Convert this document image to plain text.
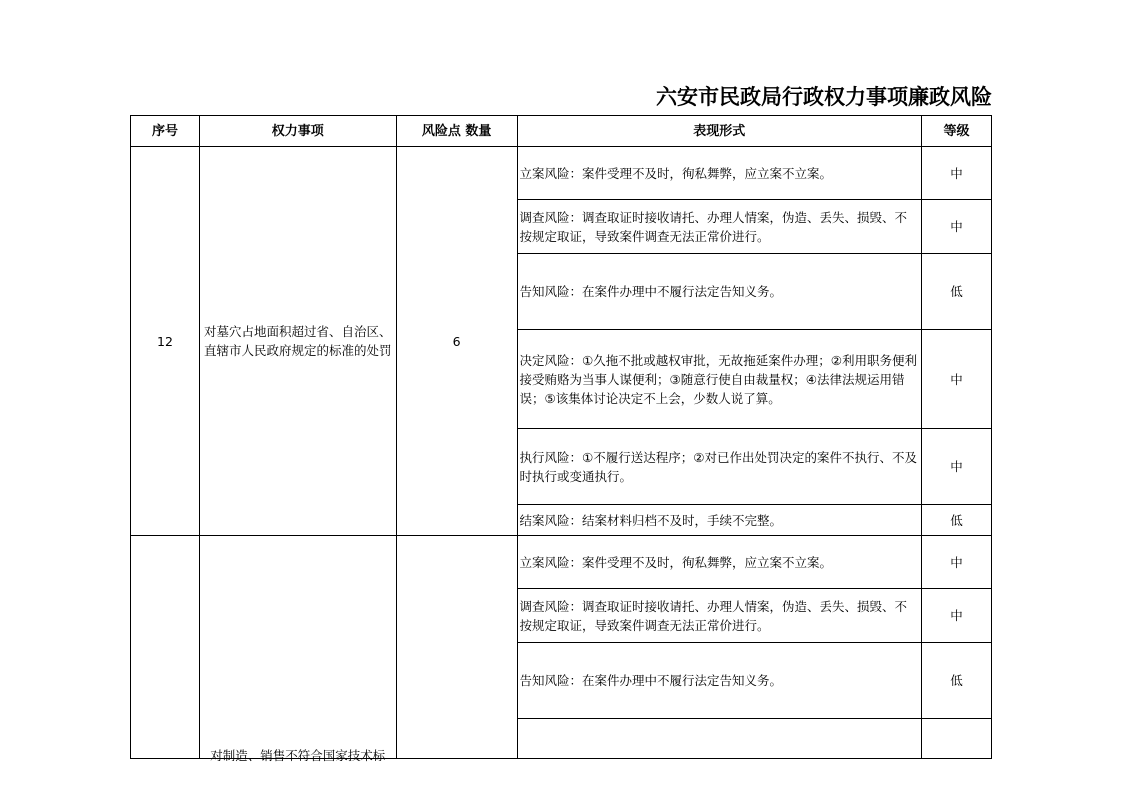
六安市民政局行政权力事项廉政风险
序号	权力事项	风险点 数量	表现形式	等级
12	对墓穴占地面积超过省、自治区、直辖市人民政府规定的标准的处罚	6	立案风险：案件受理不及时，徇私舞弊，应立案不立案。	中
			调查风险：调查取证时接收请托、办理人情案，伪造、丢失、损毁、不按规定取证，导致案件调查无法正常价进行。	中
			告知风险：在案件办理中不履行法定告知义务。	低
			决定风险：①久拖不批或越权审批，无故拖延案件办理；②利用职务便利接受贿赂为当事人谋便利；③随意行使自由裁量权；④法律法规运用错误；⑤该集体讨论决定不上会，少数人说了算。	中
			执行风险：①不履行送达程序；②对已作出处罚决定的案件不执行、不及时执行或变通执行。	中
			结案风险：结案材料归档不及时，手续不完整。	低

	对制造、销售不符合国家技术标		立案风险：案件受理不及时，徇私舞弊，应立案不立案。	中
			调查风险：调查取证时接收请托、办理人情案，伪造、丢失、损毁、不按规定取证，导致案件调查无法正常价进行。	中
			告知风险：在案件办理中不履行法定告知义务。	低
